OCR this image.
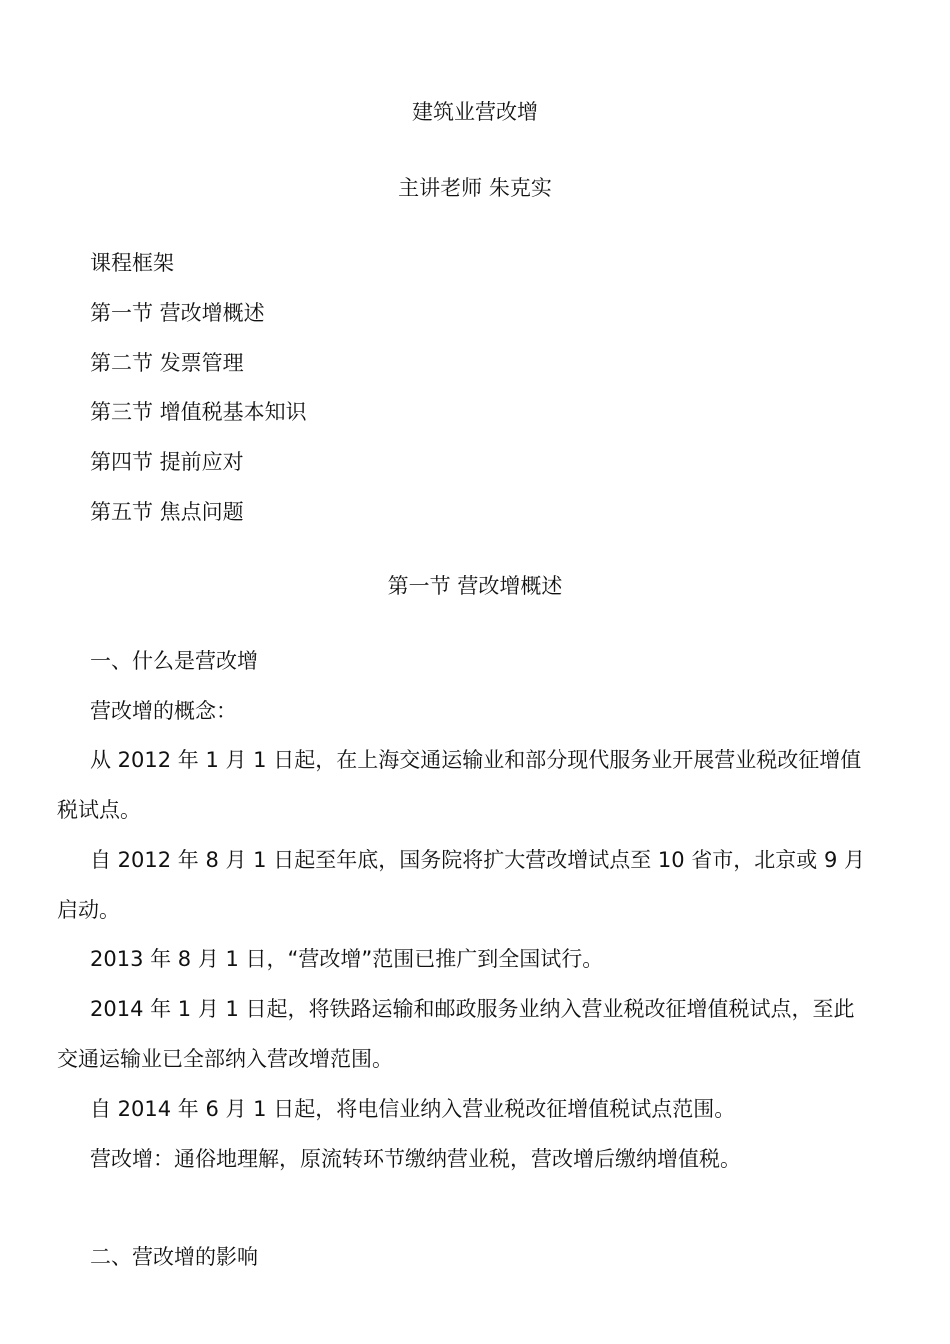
建筑业营改增
主讲老师 朱克实
课程框架
第一节 营改增概述
第二节 发票管理
第三节 增值税基本知识
第四节 提前应对
第五节 焦点问题
第一节 营改增概述
一、什么是营改增
营改增的概念：
从 2012 年 1 月 1 日起，在上海交通运输业和部分现代服务业开展营业税改征增值
税试点。
自 2012 年 8 月 1 日起至年底，国务院将扩大营改增试点至 10 省市，北京或 9 月
启动。
2013 年 8 月 1 日，“营改增”范围已推广到全国试行。
2014 年 1 月 1 日起，将铁路运输和邮政服务业纳入营业税改征增值税试点，至此
交通运输业已全部纳入营改增范围。
自 2014 年 6 月 1 日起，将电信业纳入营业税改征增值税试点范围。
营改增：通俗地理解，原流转环节缴纳营业税，营改增后缴纳增值税。
二、营改增的影响
